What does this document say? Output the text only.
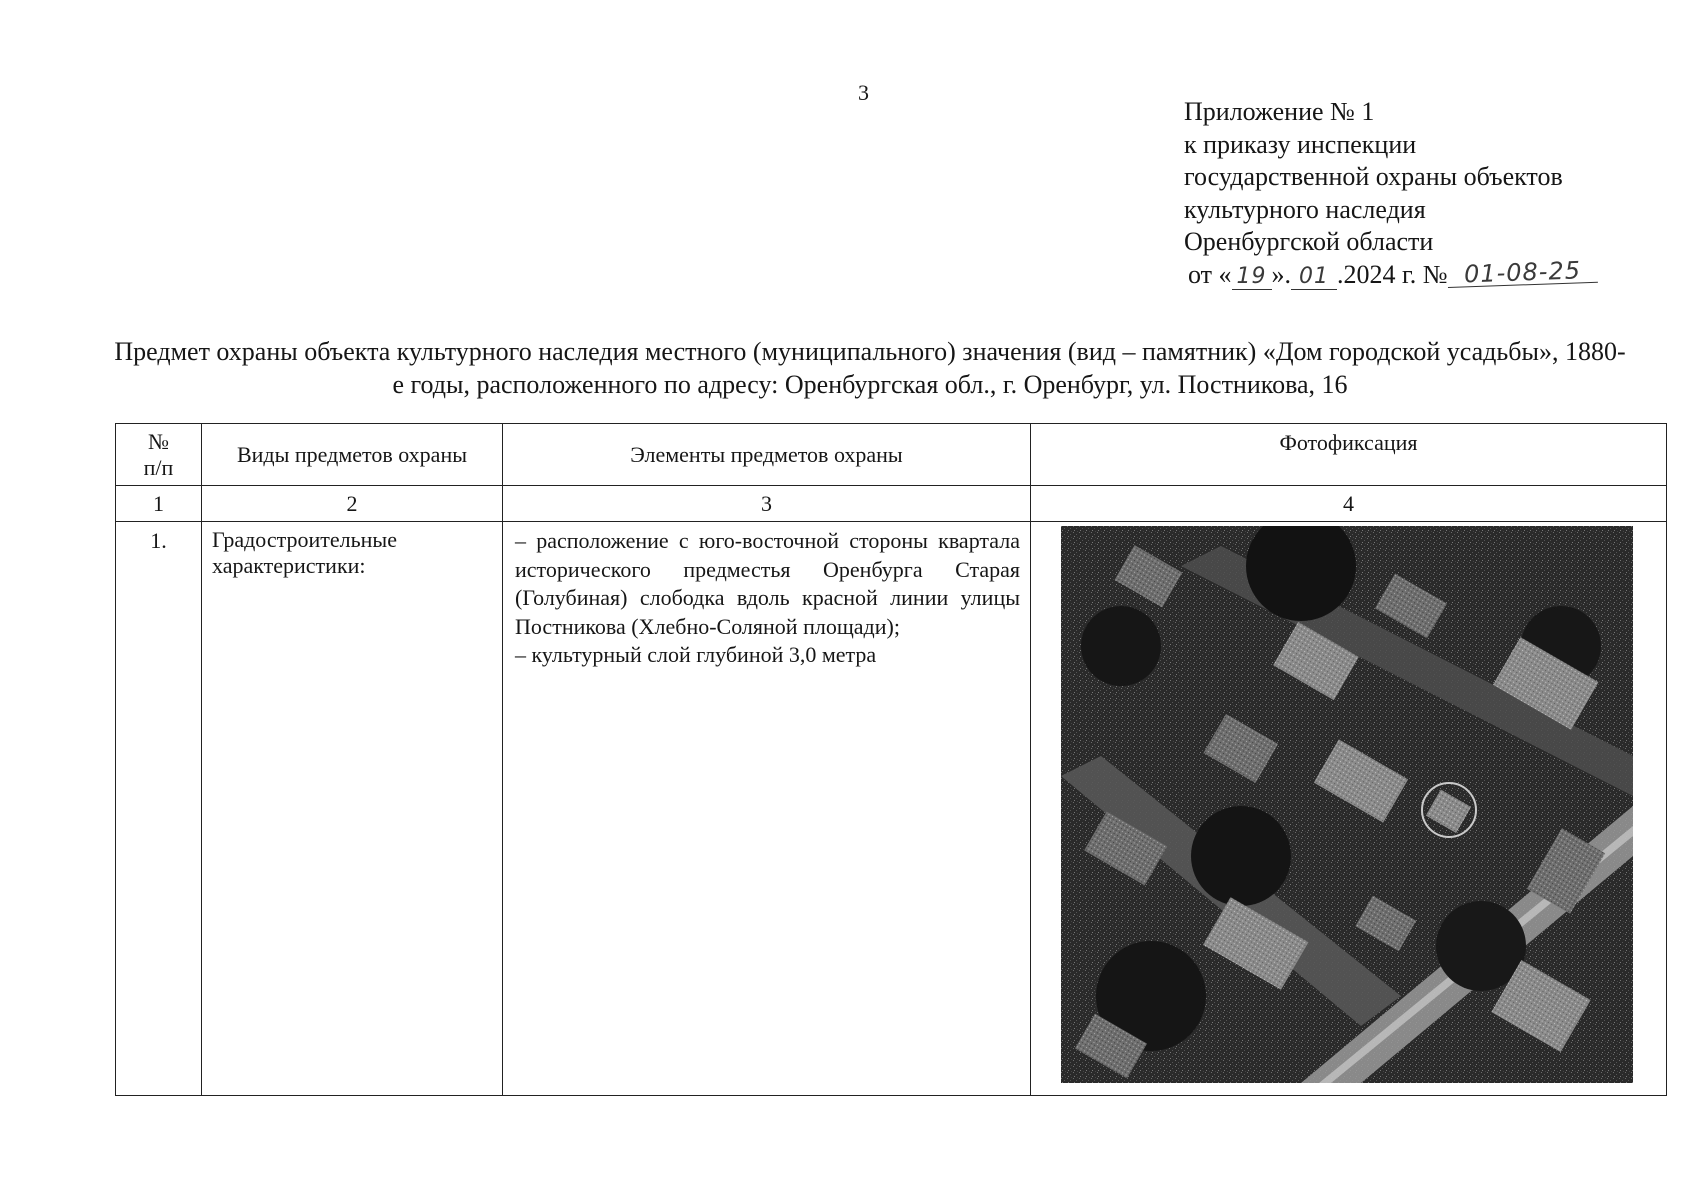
3
Приложение № 1
к приказу инспекции
государственной охраны объектов
культурного наследия
Оренбургской области
от « 19 ». 01 .2024 г. № 01-08-25
Предмет охраны объекта культурного наследия местного (муниципального) значения (вид – памятник) «Дом городской усадьбы», 1880-е годы, расположенного по адресу: Оренбургская обл., г. Оренбург, ул. Постникова, 16
№ п/п	Виды предметов охраны	Элементы предметов охраны	Фотофиксация
1	2	3	4
1.	Градостроительные характеристики:	– расположение с юго-восточной стороны квартала исторического предместья Оренбурга Старая (Голубиная) слободка вдоль красной линии улицы Постникова (Хлебно-Соляной площади);

– культурный слой глубиной 3,0 метра
